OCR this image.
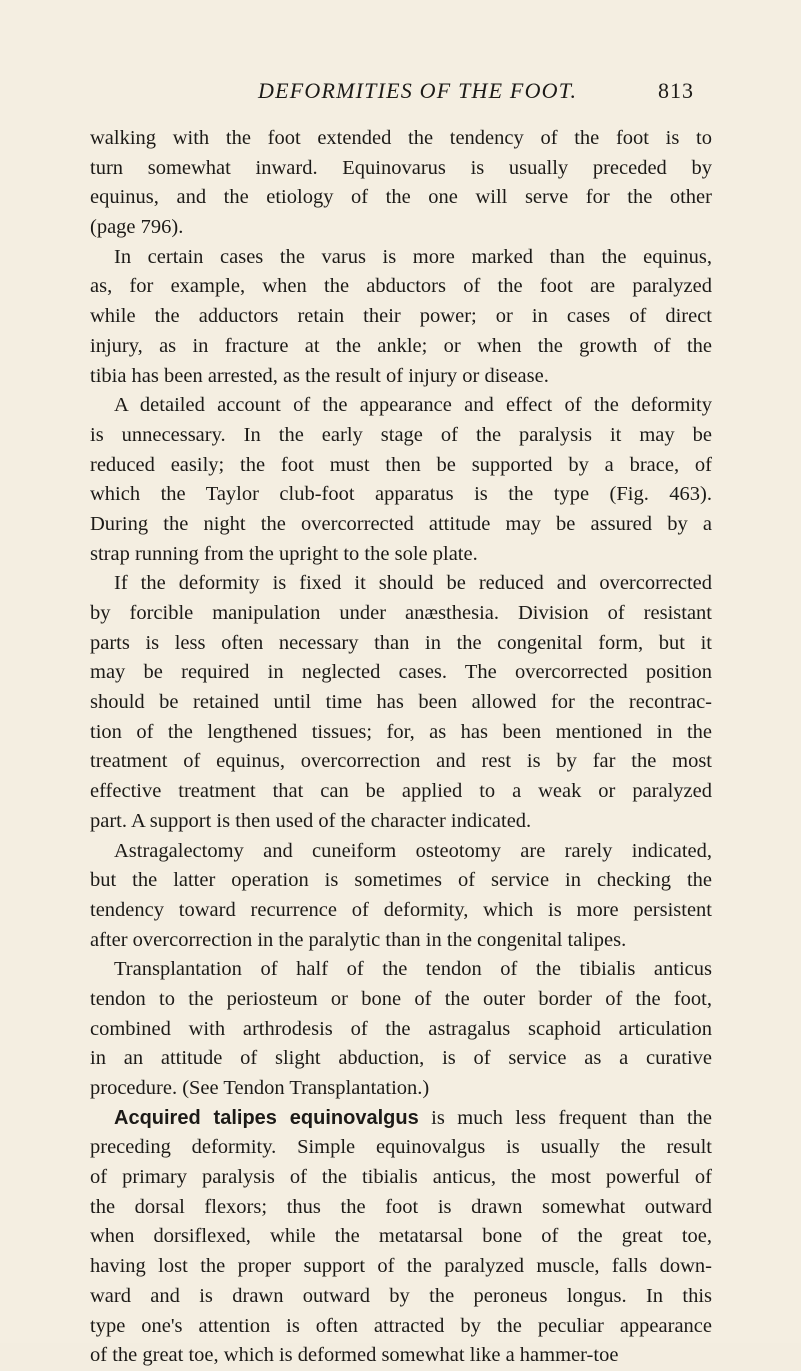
DEFORMITIES OF THE FOOT.	813
walking with the foot extended the tendency of the foot is to
turn somewhat inward. Equinovarus is usually preceded by
equinus, and the etiology of the one will serve for the other
(page 796).
In certain cases the varus is more marked than the equinus,
as, for example, when the abductors of the foot are paralyzed
while the adductors retain their power; or in cases of direct
injury, as in fracture at the ankle; or when the growth of the
tibia has been arrested, as the result of injury or disease.
A detailed account of the appearance and effect of the deformity
is unnecessary. In the early stage of the paralysis it may be
reduced easily; the foot must then be supported by a brace, of
which the Taylor club-foot apparatus is the type (Fig. 463).
During the night the overcorrected attitude may be assured by a
strap running from the upright to the sole plate.
If the deformity is fixed it should be reduced and overcorrected
by forcible manipulation under anæsthesia. Division of resistant
parts is less often necessary than in the congenital form, but it
may be required in neglected cases. The overcorrected position
should be retained until time has been allowed for the recontrac-
tion of the lengthened tissues; for, as has been mentioned in the
treatment of equinus, overcorrection and rest is by far the most
effective treatment that can be applied to a weak or paralyzed
part. A support is then used of the character indicated.
Astragalectomy and cuneiform osteotomy are rarely indicated,
but the latter operation is sometimes of service in checking the
tendency toward recurrence of deformity, which is more persistent
after overcorrection in the paralytic than in the congenital talipes.
Transplantation of half of the tendon of the tibialis anticus
tendon to the periosteum or bone of the outer border of the foot,
combined with arthrodesis of the astragalus scaphoid articulation
in an attitude of slight abduction, is of service as a curative
procedure. (See Tendon Transplantation.)
Acquired talipes equinovalgus is much less frequent than the
preceding deformity. Simple equinovalgus is usually the result
of primary paralysis of the tibialis anticus, the most powerful of
the dorsal flexors; thus the foot is drawn somewhat outward
when dorsiflexed, while the metatarsal bone of the great toe,
having lost the proper support of the paralyzed muscle, falls down-
ward and is drawn outward by the peroneus longus. In this
type one's attention is often attracted by the peculiar appearance
of the great toe, which is deformed somewhat like a hammer-toe
